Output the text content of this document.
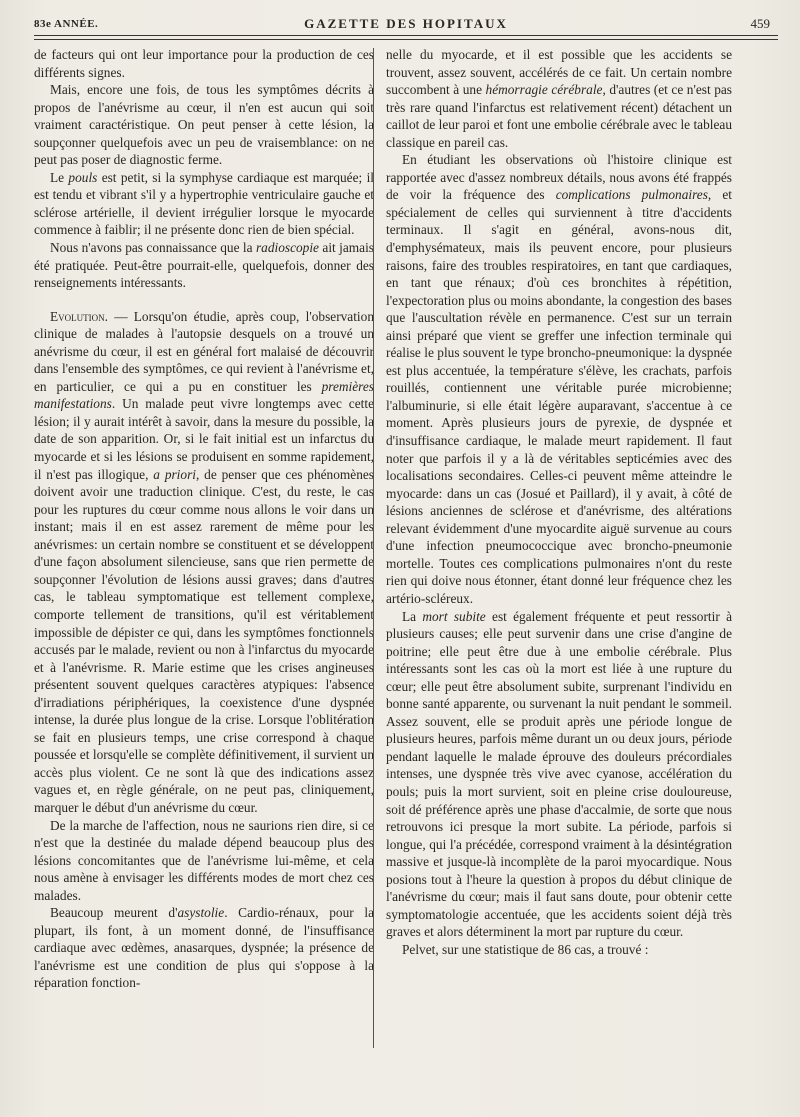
83e ANNÉE.	GAZETTE DES HOPITAUX	459

de facteurs qui ont leur importance pour la production de ces différents signes.

Mais, encore une fois, de tous les symptômes décrits à propos de l'anévrisme au cœur, il n'en est aucun qui soit vraiment caractéristique. On peut penser à cette lésion, la soupçonner quelquefois avec un peu de vraisemblance: on ne peut pas poser de diagnostic ferme.

Le pouls est petit, si la symphyse cardiaque est marquée; il est tendu et vibrant s'il y a hypertrophie ventriculaire gauche et sclérose artérielle, il devient irrégulier lorsque le myocarde commence à faiblir; il ne présente donc rien de bien spécial.

Nous n'avons pas connaissance que la radioscopie ait jamais été pratiquée. Peut-être pourrait-elle, quelquefois, donner des renseignements intéressants.

Evolution. — Lorsqu'on étudie, après coup, l'observation clinique de malades à l'autopsie desquels on a trouvé un anévrisme du cœur, il est en général fort malaisé de découvrir dans l'ensemble des symptômes, ce qui revient à l'anévrisme et, en particulier, ce qui a pu en constituer les premières manifestations. Un malade peut vivre longtemps avec cette lésion; il y aurait intérêt à savoir, dans la mesure du possible, la date de son apparition. Or, si le fait initial est un infarctus du myocarde et si les lésions se produisent en somme rapidement, il n'est pas illogique, a priori, de penser que ces phénomènes doivent avoir une traduction clinique. C'est, du reste, le cas pour les ruptures du cœur comme nous allons le voir dans un instant; mais il en est assez rarement de même pour les anévrismes: un certain nombre se constituent et se développent d'une façon absolument silencieuse, sans que rien permette de soupçonner l'évolution de lésions aussi graves; dans d'autres cas, le tableau symptomatique est tellement complexe, comporte tellement de transitions, qu'il est véritablement impossible de dépister ce qui, dans les symptômes fonctionnels accusés par le malade, revient ou non à l'infarctus du myocarde et à l'anévrisme. R. Marie estime que les crises angineuses présentent souvent quelques caractères atypiques: l'absence d'irradiations périphériques, la coexistence d'une dyspnée intense, la durée plus longue de la crise. Lorsque l'oblitération se fait en plusieurs temps, une crise correspond à chaque poussée et lorsqu'elle se complète définitivement, il survient un accès plus violent. Ce ne sont là que des indications assez vagues et, en règle générale, on ne peut pas, cliniquement, marquer le début d'un anévrisme du cœur.

De la marche de l'affection, nous ne saurions rien dire, si ce n'est que la destinée du malade dépend beaucoup plus des lésions concomitantes que de l'anévrisme lui-même, et cela nous amène à envisager les différents modes de mort chez ces malades.

Beaucoup meurent d'asystolie. Cardio-rénaux, pour la plupart, ils font, à un moment donné, de l'insuffisance cardiaque avec œdèmes, anasarques, dyspnée; la présence de l'anévrisme est une condition de plus qui s'oppose à la réparation fonction-

nelle du myocarde, et il est possible que les accidents se trouvent, assez souvent, accélérés de ce fait. Un certain nombre succombent à une hémorragie cérébrale, d'autres (et ce n'est pas très rare quand l'infarctus est relativement récent) détachent un caillot de leur paroi et font une embolie cérébrale avec le tableau classique en pareil cas.

En étudiant les observations où l'histoire clinique est rapportée avec d'assez nombreux détails, nous avons été frappés de voir la fréquence des complications pulmonaires, et spécialement de celles qui surviennent à titre d'accidents terminaux. Il s'agit en général, avons-nous dit, d'emphysémateux, mais ils peuvent encore, pour plusieurs raisons, faire des troubles respiratoires, en tant que cardiaques, en tant que rénaux; d'où ces bronchites à répétition, l'expectoration plus ou moins abondante, la congestion des bases que l'auscultation révèle en permanence. C'est sur un terrain ainsi préparé que vient se greffer une infection terminale qui réalise le plus souvent le type broncho-pneumonique: la dyspnée est plus accentuée, la température s'élève, les crachats, parfois rouillés, contiennent une véritable purée microbienne; l'albuminurie, si elle était légère auparavant, s'accentue à ce moment. Après plusieurs jours de pyrexie, de dyspnée et d'insuffisance cardiaque, le malade meurt rapidement. Il faut noter que parfois il y a là de véritables septicémies avec des localisations secondaires. Celles-ci peuvent même atteindre le myocarde: dans un cas (Josué et Paillard), il y avait, à côté de lésions anciennes de sclérose et d'anévrisme, des altérations relevant évidemment d'une myocardite aiguë survenue au cours d'une infection pneumococcique avec broncho-pneumonie mortelle. Toutes ces complications pulmonaires n'ont du reste rien qui doive nous étonner, étant donné leur fréquence chez les artério-scléreux.

La mort subite est également fréquente et peut ressortir à plusieurs causes; elle peut survenir dans une crise d'angine de poitrine; elle peut être due à une embolie cérébrale. Plus intéressants sont les cas où la mort est liée à une rupture du cœur; elle peut être absolument subite, surprenant l'individu en bonne santé apparente, ou survenant la nuit pendant le sommeil. Assez souvent, elle se produit après une période longue de plusieurs heures, parfois même durant un ou deux jours, période pendant laquelle le malade éprouve des douleurs précordiales intenses, une dyspnée très vive avec cyanose, accélération du pouls; puis la mort survient, soit en pleine crise douloureuse, soit dé préférence après une phase d'accalmie, de sorte que nous retrouvons ici presque la mort subite. La période, parfois si longue, qui l'a précédée, correspond vraiment à la désintégration massive et jusque-là incomplète de la paroi myocardique. Nous posions tout à l'heure la question à propos du début clinique de l'anévrisme du cœur; mais il faut sans doute, pour obtenir cette symptomatologie accentuée, que les accidents soient déjà très graves et alors déterminent la mort par rupture du cœur.

Pelvet, sur une statistique de 86 cas, a trouvé :
